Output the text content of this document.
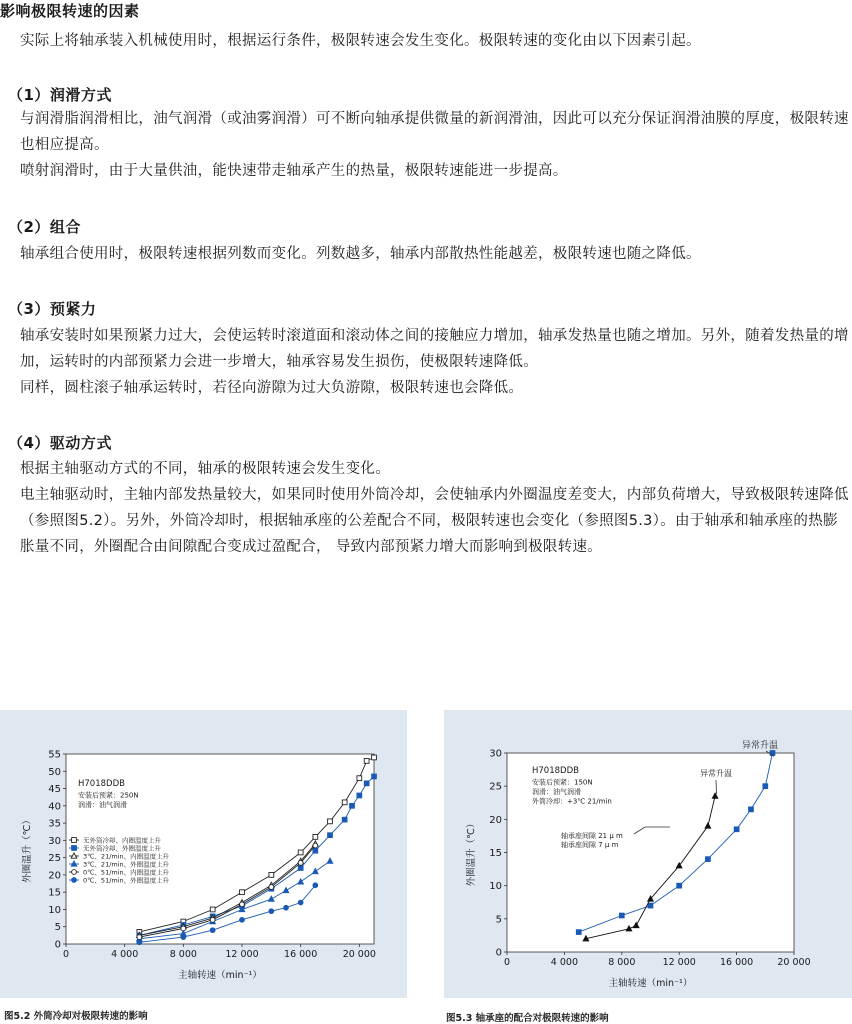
影响极限转速的因素
实际上将轴承装入机械使用时，根据运行条件，极限转速会发生变化。极限转速的变化由以下因素引起。
（1）润滑方式
与润滑脂润滑相比，油气润滑（或油雾润滑）可不断向轴承提供微量的新润滑油，因此可以充分保证润滑油膜的厚度，极限转速也相应提高。
喷射润滑时，由于大量供油，能快速带走轴承产生的热量，极限转速能进一步提高。
（2）组合
轴承组合使用时，极限转速根据列数而变化。列数越多，轴承内部散热性能越差，极限转速也随之降低。
（3）预紧力
轴承安装时如果预紧力过大，会使运转时滚道面和滚动体之间的接触应力增加，轴承发热量也随之增加。另外，随着发热量的增加，运转时的内部预紧力会进一步增大，轴承容易发生损伤，使极限转速降低。
同样，圆柱滚子轴承运转时，若径向游隙为过大负游隙，极限转速也会降低。
（4）驱动方式
根据主轴驱动方式的不同，轴承的极限转速会发生变化。
电主轴驱动时，主轴内部发热量较大，如果同时使用外筒冷却，会使轴承内外圈温度差变大，内部负荷增大，导致极限转速降低（参照图5.2）。另外，外筒冷却时，根据轴承座的公差配合不同，极限转速也会变化（参照图5.3）。由于轴承和轴承座的热膨胀量不同，外圈配合由间隙配合变成过盈配合， 导致内部预紧力增大而影响到极限转速。
0
5
10
15
20
25
30
35
40
45
50
55
0	4 000	8 000	12 000	16 000	20 000
主轴转速（min⁻¹）
外圈温升（℃）
H7018DDB
安装后预紧：250N
润滑：油气润滑
无外筒冷却、内圈温度上升
无外筒冷却、外圈温度上升
3℃、21/min、内圈温度上升
3℃、21/min、外圈温度上升
0℃、51/min、内圈温度上升
0℃、51/min、外圈温度上升
图5.2 外筒冷却对极限转速的影响
0
5
10
15
20
25
30
0	4 000	8 000	12 000	16 000	20 000
主轴转速（min⁻¹）
外圈温升（℃）
H7018DDB
安装后预紧：150N
润滑：油气润滑
外筒冷却：+3℃ 21/min
轴承座间隙 21 μ m
轴承座间隙 7 μ m
异常升温
异常升温
图5.3 轴承座的配合对极限转速的影响
